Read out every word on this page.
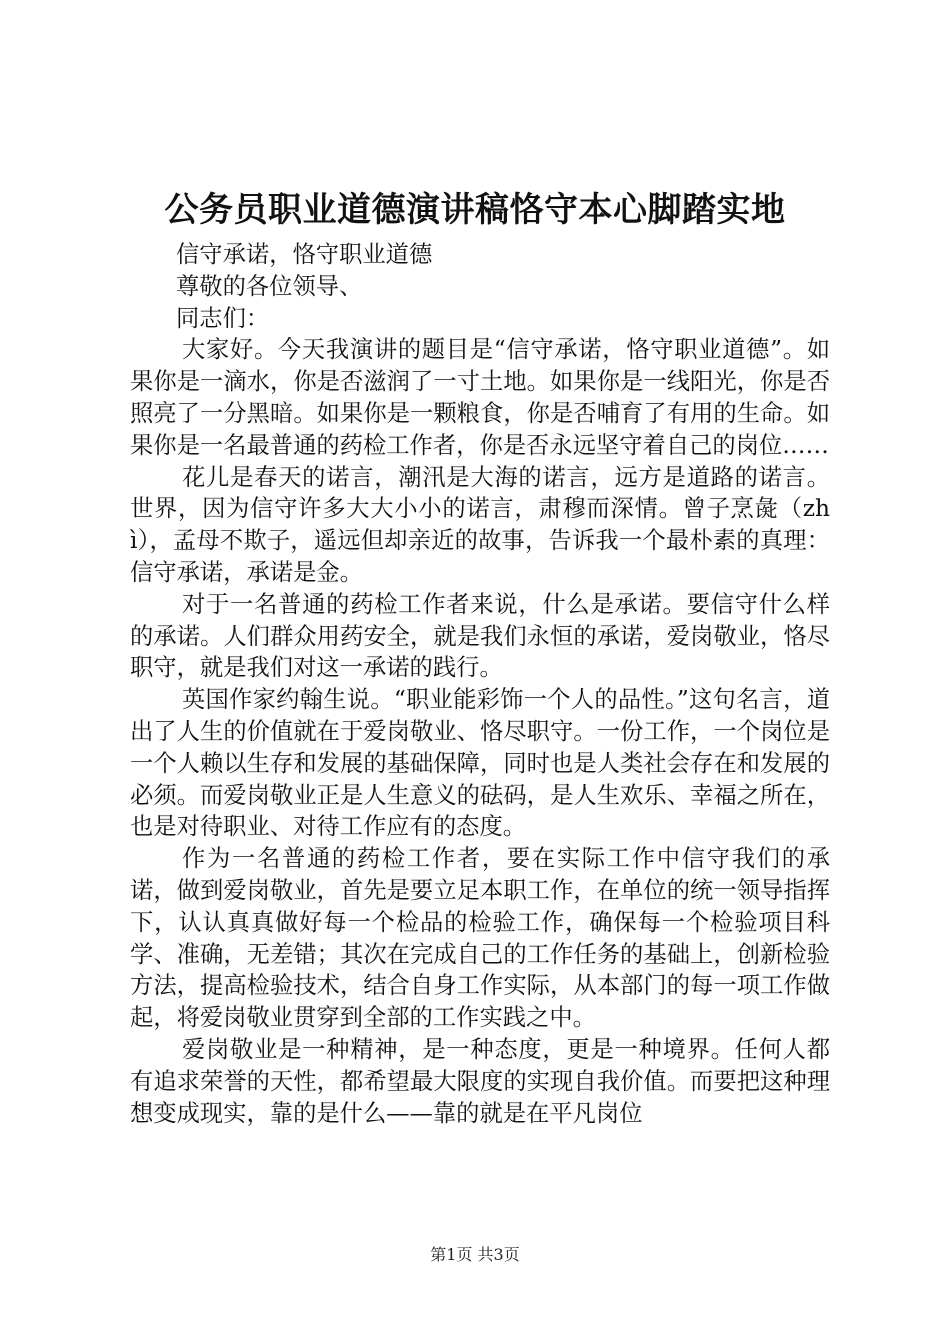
公务员职业道德演讲稿恪守本心脚踏实地

信守承诺，恪守职业道德

尊敬的各位领导、

同志们：

大家好。今天我演讲的题目是“信守承诺，恪守职业道德”。如果你是一滴水，你是否滋润了一寸土地。如果你是一线阳光，你是否照亮了一分黑暗。如果你是一颗粮食，你是否哺育了有用的生命。如果你是一名最普通的药检工作者，你是否永远坚守着自己的岗位……

花儿是春天的诺言，潮汛是大海的诺言，远方是道路的诺言。世界，因为信守许多大大小小的诺言，肃穆而深情。曾子烹彘（zhì），孟母不欺子，遥远但却亲近的故事，告诉我一个最朴素的真理：信守承诺，承诺是金。

对于一名普通的药检工作者来说，什么是承诺。要信守什么样的承诺。人们群众用药安全，就是我们永恒的承诺，爱岗敬业，恪尽职守，就是我们对这一承诺的践行。

英国作家约翰生说。“职业能彩饰一个人的品性。”这句名言，道出了人生的价值就在于爱岗敬业、恪尽职守。一份工作，一个岗位是一个人赖以生存和发展的基础保障，同时也是人类社会存在和发展的必须。而爱岗敬业正是人生意义的砝码，是人生欢乐、幸福之所在，也是对待职业、对待工作应有的态度。

作为一名普通的药检工作者，要在实际工作中信守我们的承诺，做到爱岗敬业，首先是要立足本职工作，在单位的统一领导指挥下，认认真真做好每一个检品的检验工作，确保每一个检验项目科学、准确，无差错；其次在完成自己的工作任务的基础上，创新检验方法，提高检验技术，结合自身工作实际，从本部门的每一项工作做起，将爱岗敬业贯穿到全部的工作实践之中。

爱岗敬业是一种精神，是一种态度，更是一种境界。任何人都有追求荣誉的天性，都希望最大限度的实现自我价值。而要把这种理想变成现实，靠的是什么——靠的就是在平凡岗位

第1页 共3页
